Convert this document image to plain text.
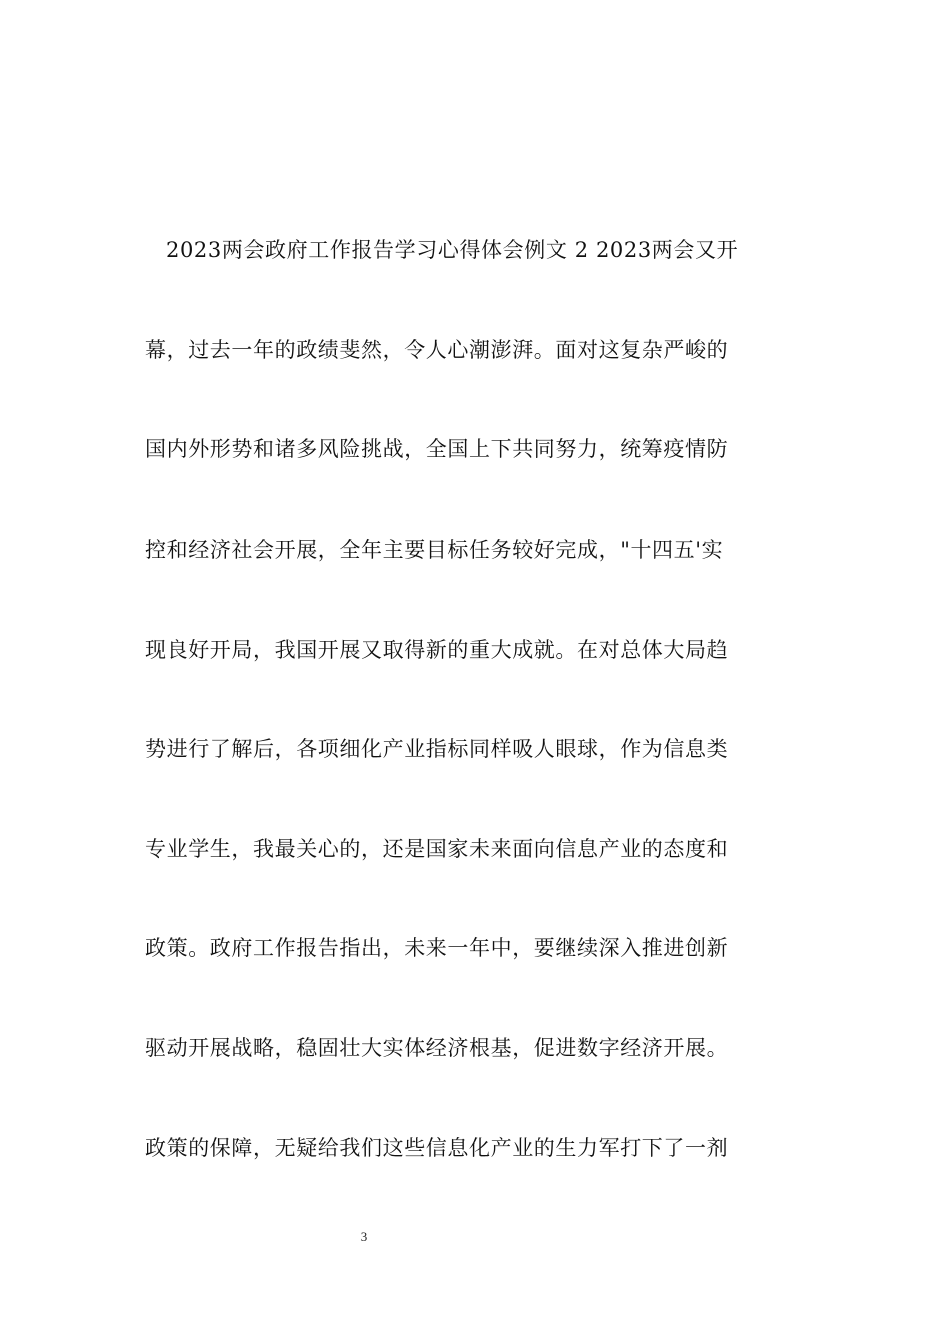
2023两会政府工作报告学习心得体会例文 2 2023两会又开
幕，过去一年的政绩斐然，令人心潮澎湃。面对这复杂严峻的
国内外形势和诸多风险挑战，全国上下共同努力，统筹疫情防
控和经济社会开展，全年主要目标任务较好完成，"十四五'实
现良好开局，我国开展又取得新的重大成就。在对总体大局趋
势进行了解后，各项细化产业指标同样吸人眼球，作为信息类
专业学生，我最关心的，还是国家未来面向信息产业的态度和
政策。政府工作报告指出，未来一年中，要继续深入推进创新
驱动开展战略，稳固壮大实体经济根基，促进数字经济开展。
政策的保障，无疑给我们这些信息化产业的生力军打下了一剂
3
